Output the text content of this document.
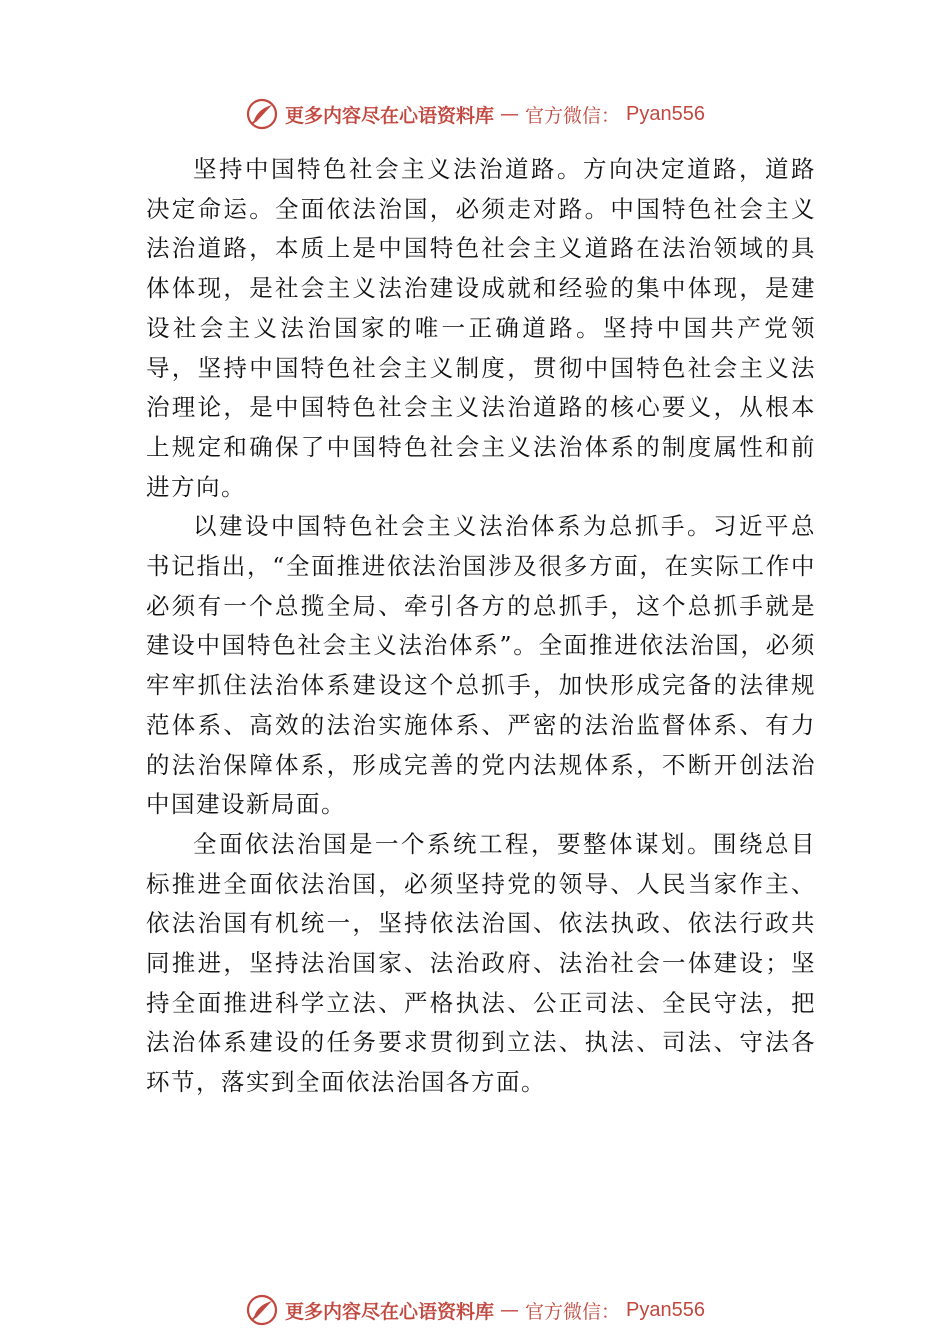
更多内容尽在心语资料库 — 官方微信： Pyan556

坚持中国特色社会主义法治道路。方向决定道路，道路决定命运。全面依法治国，必须走对路。中国特色社会主义法治道路，本质上是中国特色社会主义道路在法治领域的具体体现，是社会主义法治建设成就和经验的集中体现，是建设社会主义法治国家的唯一正确道路。坚持中国共产党领导，坚持中国特色社会主义制度，贯彻中国特色社会主义法治理论，是中国特色社会主义法治道路的核心要义，从根本上规定和确保了中国特色社会主义法治体系的制度属性和前进方向。

以建设中国特色社会主义法治体系为总抓手。习近平总书记指出，“全面推进依法治国涉及很多方面，在实际工作中必须有一个总揽全局、牵引各方的总抓手，这个总抓手就是建设中国特色社会主义法治体系”。全面推进依法治国，必须牢牢抓住法治体系建设这个总抓手，加快形成完备的法律规范体系、高效的法治实施体系、严密的法治监督体系、有力的法治保障体系，形成完善的党内法规体系，不断开创法治中国建设新局面。

全面依法治国是一个系统工程，要整体谋划。围绕总目标推进全面依法治国，必须坚持党的领导、人民当家作主、 依法治国有机统一，坚持依法治国、依法执政、依法行政共同推进，坚持法治国家、法治政府、法治社会一体建设；坚持全面推进科学立法、严格执法、公正司法、全民守法，把法治体系建设的任务要求贯彻到立法、执法、司法、守法各环节，落实到全面依法治国各方面。

更多内容尽在心语资料库 — 官方微信： Pyan556
